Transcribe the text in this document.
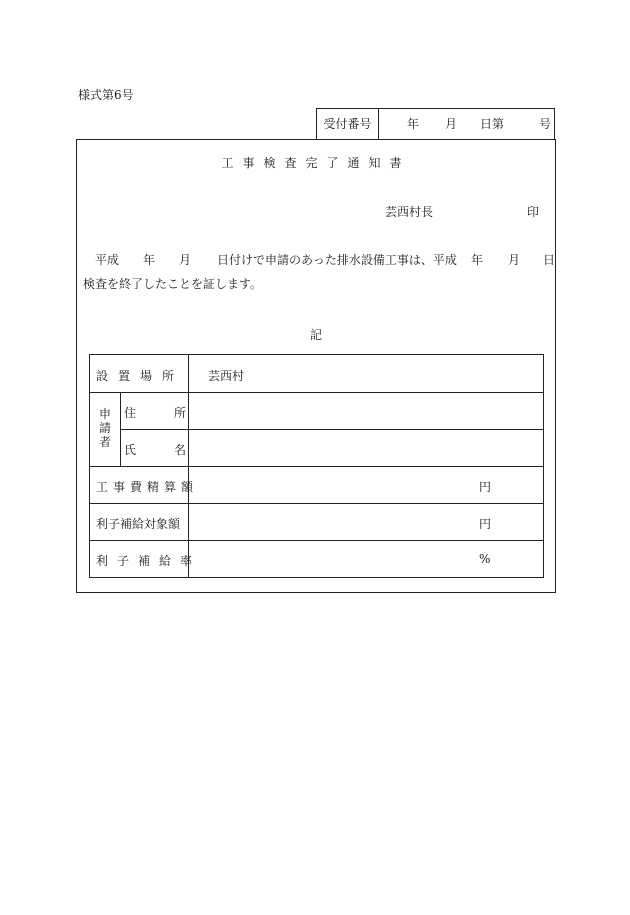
様式第6号
受付番号	年 月 日第	号
工事検査完了通知書
芸西村長	印
平成 年 月 日付けで申請のあった排水設備工事は、平成 年 月 日
検査を終了したことを証します。
記
設置場所 芸西村
申請者
住所
氏名
工事費精算額	円
利子補給対象額	円
利子補給率	%
